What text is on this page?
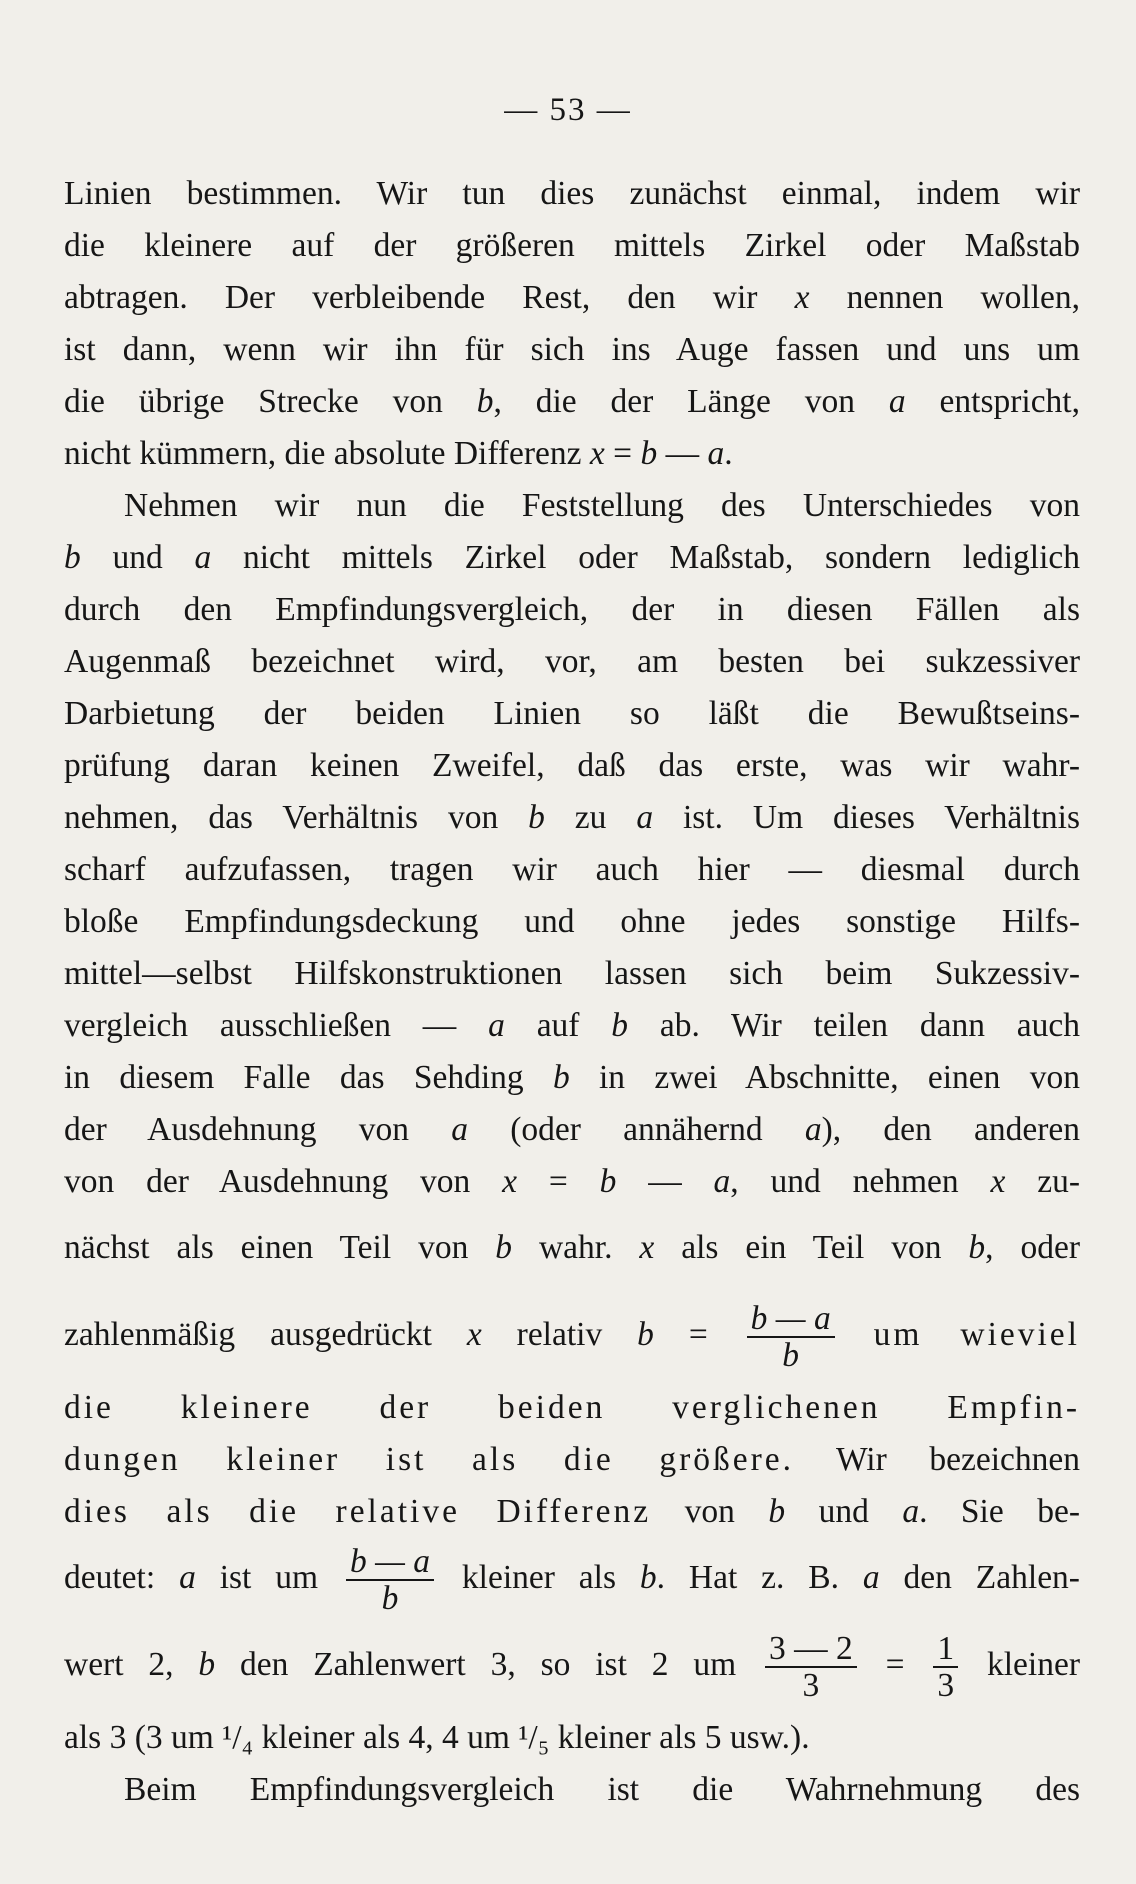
— 53 —
Linien bestimmen. Wir tun dies zunächst einmal, indem wir
die kleinere auf der größeren mittels Zirkel oder Maßstab
abtragen. Der verbleibende Rest, den wir x nennen wollen,
ist dann, wenn wir ihn für sich ins Auge fassen und uns um
die übrige Strecke von b, die der Länge von a entspricht,
nicht kümmern, die absolute Differenz x = b — a.
Nehmen wir nun die Feststellung des Unterschiedes von
b und a nicht mittels Zirkel oder Maßstab, sondern lediglich
durch den Empfindungsvergleich, der in diesen Fällen als
Augenmaß bezeichnet wird, vor, am besten bei sukzessiver
Darbietung der beiden Linien so läßt die Bewußtseins-
prüfung daran keinen Zweifel, daß das erste, was wir wahr-
nehmen, das Verhältnis von b zu a ist. Um dieses Verhältnis
scharf aufzufassen, tragen wir auch hier — diesmal durch
bloße Empfindungsdeckung und ohne jedes sonstige Hilfs-
mittel—selbst Hilfskonstruktionen lassen sich beim Sukzessiv-
vergleich ausschließen — a auf b ab. Wir teilen dann auch
in diesem Falle das Sehding b in zwei Abschnitte, einen von
der Ausdehnung von a (oder annähernd a), den anderen
von der Ausdehnung von x = b — a, und nehmen x zu-
nächst als einen Teil von b wahr. x als ein Teil von b, oder
zahlenmäßig ausgedrückt x relativ $b = \frac{b — a}{b}$ um wieviel
die kleinere der beiden verglichenen Empfin-
dungen kleiner ist als die größere. Wir bezeichnen
dies als die relative Differenz von b und a. Sie be-
deutet: a ist um $\frac{b — a}{b}$ kleiner als b. Hat z. B. a den Zahlen-
wert 2, b den Zahlenwert 3, so ist 2 um $\frac{3 — 2}{3} = \frac{1}{3}$ kleiner
als 3 (3 um ¹/₄ kleiner als 4, 4 um ¹/₅ kleiner als 5 usw.).
Beim Empfindungsvergleich ist die Wahrnehmung des
